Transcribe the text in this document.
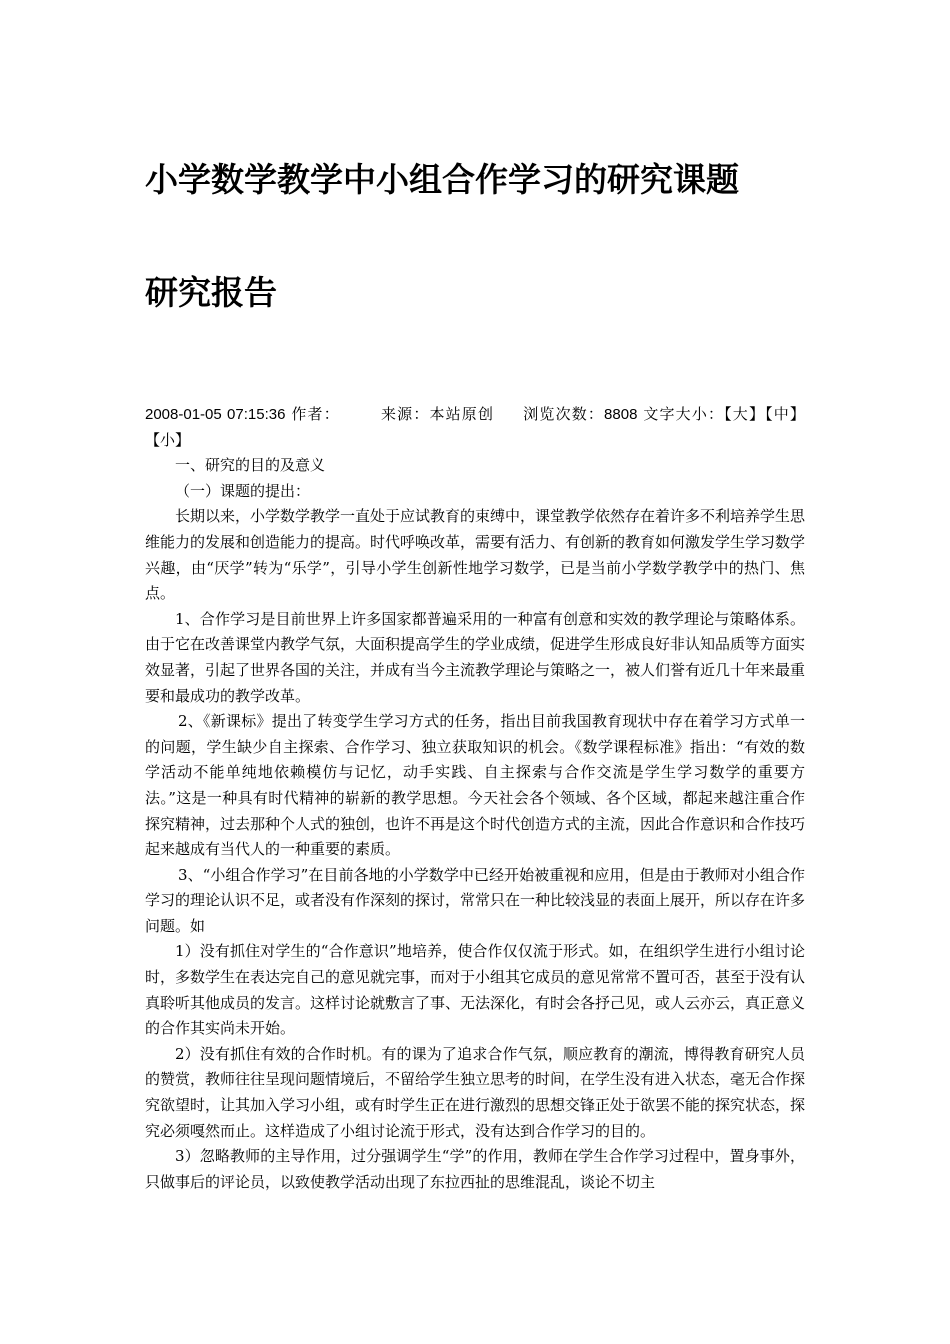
小学数学教学中小组合作学习的研究课题
研究报告

2008-01-05 07:15:36 作者：	来源：本站原创 浏览次数：8808 文字大小：【大】【中】【小】

一、研究的目的及意义

（一）课题的提出：

长期以来，小学数学教学一直处于应试教育的束缚中，课堂教学依然存在着许多不利培养学生思维能力的发展和创造能力的提高。时代呼唤改革，需要有活力、有创新的教育如何激发学生学习数学兴趣，由“厌学”转为“乐学”，引导小学生创新性地学习数学，已是当前小学数学教学中的热门、焦点。

1、合作学习是目前世界上许多国家都普遍采用的一种富有创意和实效的教学理论与策略体系。由于它在改善课堂内教学气氛，大面积提高学生的学业成绩，促进学生形成良好非认知品质等方面实效显著，引起了世界各国的关注，并成有当今主流教学理论与策略之一，被人们誉有近几十年来最重要和最成功的教学改革。

2、《新课标》提出了转变学生学习方式的任务，指出目前我国教育现状中存在着学习方式单一的问题，学生缺少自主探索、合作学习、独立获取知识的机会。《数学课程标准》指出：“有效的数学活动不能单纯地依赖模仿与记忆，动手实践、自主探索与合作交流是学生学习数学的重要方法。”这是一种具有时代精神的崭新的教学思想。今天社会各个领域、各个区域，都起来越注重合作探究精神，过去那种个人式的独创，也许不再是这个时代创造方式的主流，因此合作意识和合作技巧起来越成有当代人的一种重要的素质。

3、“小组合作学习”在目前各地的小学数学中已经开始被重视和应用，但是由于教师对小组合作学习的理论认识不足，或者没有作深刻的探讨，常常只在一种比较浅显的表面上展开，所以存在许多问题。如

1）没有抓住对学生的“合作意识”地培养，使合作仅仅流于形式。如，在组织学生进行小组讨论时，多数学生在表达完自己的意见就完事，而对于小组其它成员的意见常常不置可否，甚至于没有认真聆听其他成员的发言。这样讨论就敷言了事、无法深化，有时会各抒己见，或人云亦云，真正意义的合作其实尚未开始。

2）没有抓住有效的合作时机。有的课为了追求合作气氛，顺应教育的潮流，博得教育研究人员的赞赏，教师往往呈现问题情境后，不留给学生独立思考的时间，在学生没有进入状态，毫无合作探究欲望时，让其加入学习小组，或有时学生正在进行激烈的思想交锋正处于欲罢不能的探究状态，探究必须嘎然而止。这样造成了小组讨论流于形式，没有达到合作学习的目的。

3）忽略教师的主导作用，过分强调学生“学”的作用，教师在学生合作学习过程中，置身事外，只做事后的评论员，以致使教学活动出现了东拉西扯的思维混乱，谈论不切主
